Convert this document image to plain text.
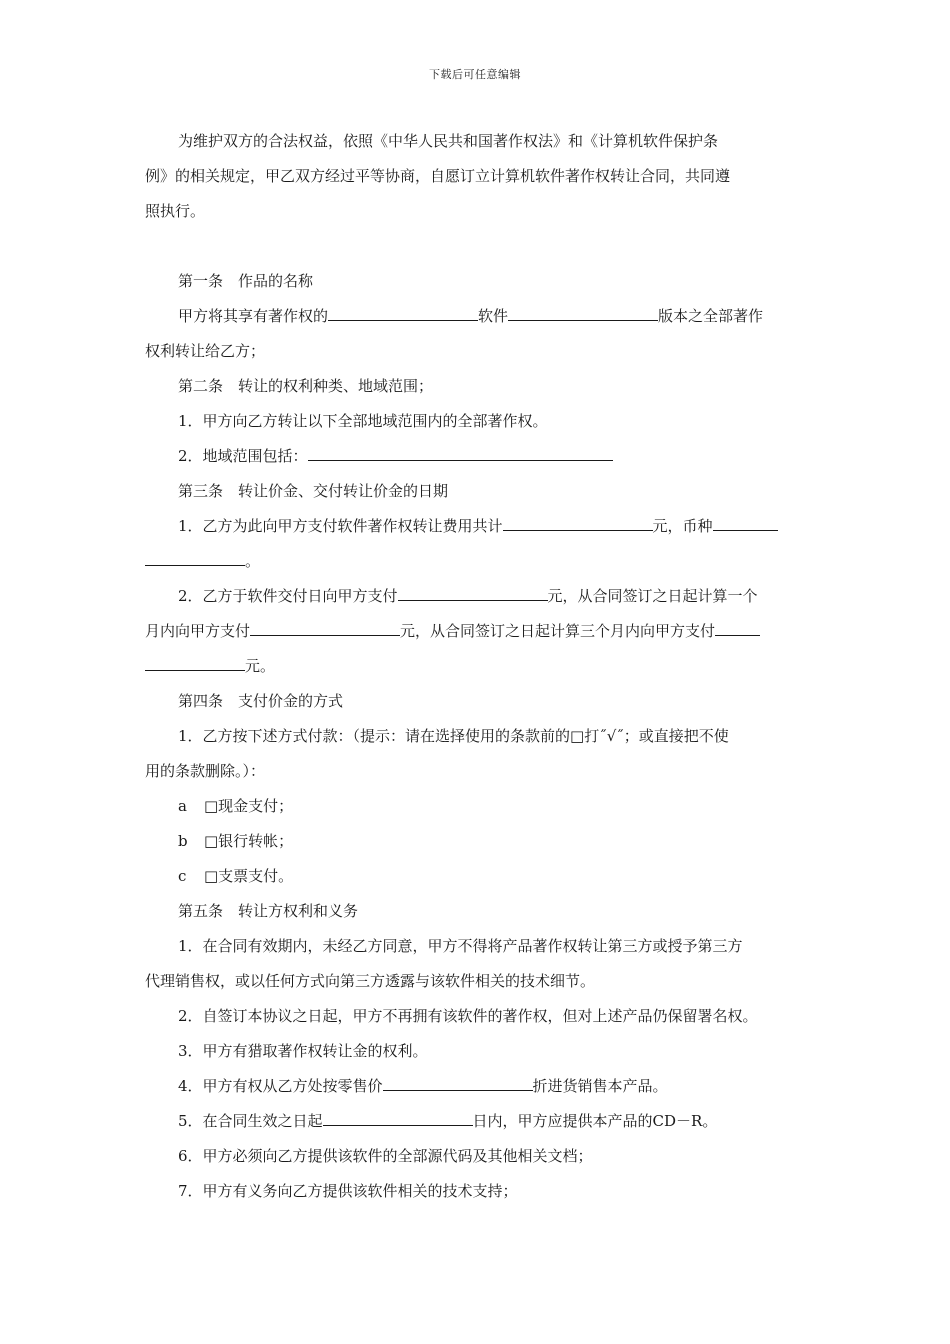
下载后可任意编辑

为维护双方的合法权益，依照《中华人民共和国著作权法》和《计算机软件保护条
例》的相关规定，甲乙双方经过平等协商，自愿订立计算机软件著作权转让合同，共同遵
照执行。

第一条　作品的名称

甲方将其享有著作权的	软件	版本之全部著作
权利转让给乙方；

第二条　转让的权利种类、地域范围；

1．甲方向乙方转让以下全部地域范围内的全部著作权。

2．地域范围包括：

第三条　转让价金、交付转让价金的日期

1．乙方为此向甲方支付软件著作权转让费用共计	元，币种
。

2．乙方于软件交付日向甲方支付	元，从合同签订之日起计算一个
月内向甲方支付	元，从合同签订之日起计算三个月内向甲方支付
元。

第四条　支付价金的方式

1．乙方按下述方式付款：（提示：请在选择使用的条款前的□打˝√˝；或直接把不使
用的条款删除。）：

a □现金支付；

b □银行转帐；

c □支票支付。

第五条　转让方权利和义务

1．在合同有效期内，未经乙方同意，甲方不得将产品著作权转让第三方或授予第三方
代理销售权，或以任何方式向第三方透露与该软件相关的技术细节。

2．自签订本协议之日起，甲方不再拥有该软件的著作权，但对上述产品仍保留署名权。

3．甲方有猎取著作权转让金的权利。

4．甲方有权从乙方处按零售价	折进货销售本产品。

5．在合同生效之日起	日内，甲方应提供本产品的CD－R。

6．甲方必须向乙方提供该软件的全部源代码及其他相关文档；

7．甲方有义务向乙方提供该软件相关的技术支持；
